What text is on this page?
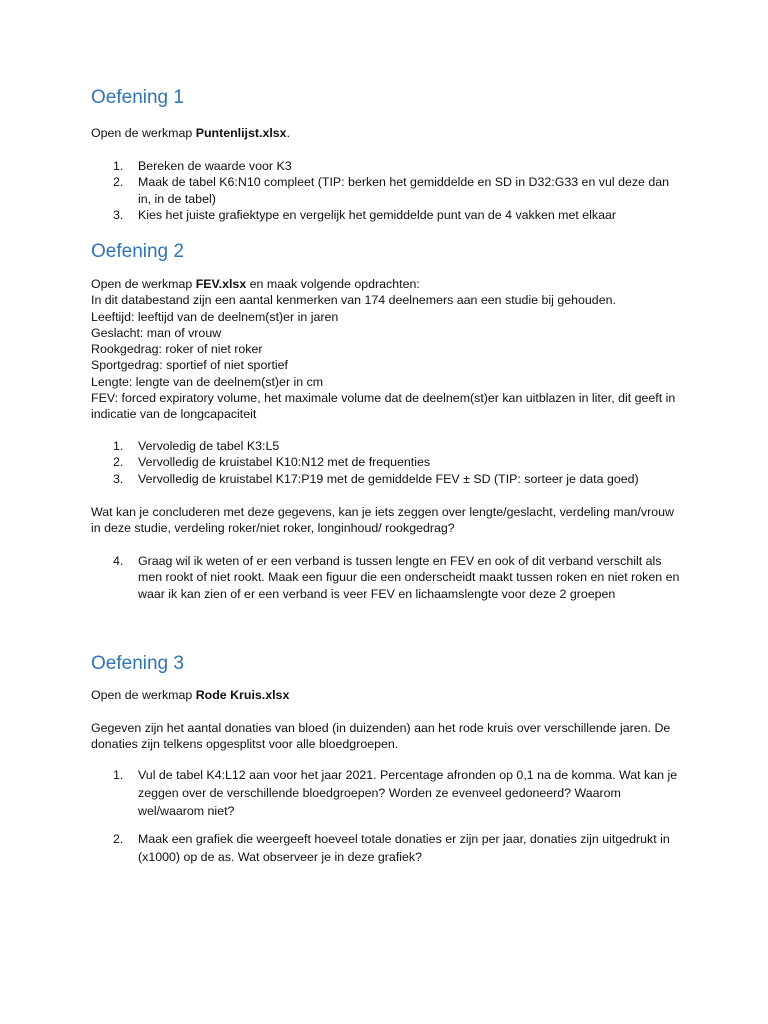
Oefening 1

Open de werkmap Puntenlijst.xlsx.

1. Bereken de waarde voor K3
2. Maak de tabel K6:N10 compleet (TIP: berken het gemiddelde en SD in D32:G33 en vul deze dan in, in de tabel)
3. Kies het juiste grafiektype en vergelijk het gemiddelde punt van de 4 vakken met elkaar
Oefening 2

Open de werkmap FEV.xlsx en maak volgende opdrachten:

In dit databestand zijn een aantal kenmerken van 174 deelnemers aan een studie bij gehouden.

Leeftijd: leeftijd van de deelnem(st)er in jaren

Geslacht: man of vrouw

Rookgedrag: roker of niet roker

Sportgedrag: sportief of niet sportief

Lengte: lengte van de deelnem(st)er in cm

FEV: forced expiratory volume, het maximale volume dat de deelnem(st)er kan uitblazen in liter, dit geeft in indicatie van de longcapaciteit

1. Vervoledig de tabel K3:L5
2. Vervolledig de kruistabel K10:N12 met de frequenties
3. Vervolledig de kruistabel K17:P19 met de gemiddelde FEV ± SD (TIP: sorteer je data goed)

Wat kan je concluderen met deze gegevens, kan je iets zeggen over lengte/geslacht, verdeling man/vrouw in deze studie, verdeling roker/niet roker, longinhoud/ rookgedrag?

4. Graag wil ik weten of er een verband is tussen lengte en FEV en ook of dit verband verschilt als men rookt of niet rookt. Maak een figuur die een onderscheidt maakt tussen roken en niet roken en waar ik kan zien of er een verband is veer FEV en lichaamslengte voor deze 2 groepen
Oefening 3

Open de werkmap Rode Kruis.xlsx

Gegeven zijn het aantal donaties van bloed (in duizenden) aan het rode kruis over verschillende jaren. De donaties zijn telkens opgesplitst voor alle bloedgroepen.

1. Vul de tabel K4:L12 aan voor het jaar 2021. Percentage afronden op 0,1 na de komma. Wat kan je zeggen over de verschillende bloedgroepen? Worden ze evenveel gedoneerd? Waarom wel/waarom niet?
2. Maak een grafiek die weergeeft hoeveel totale donaties er zijn per jaar, donaties zijn uitgedrukt in (x1000) op de as. Wat observeer je in deze grafiek?
